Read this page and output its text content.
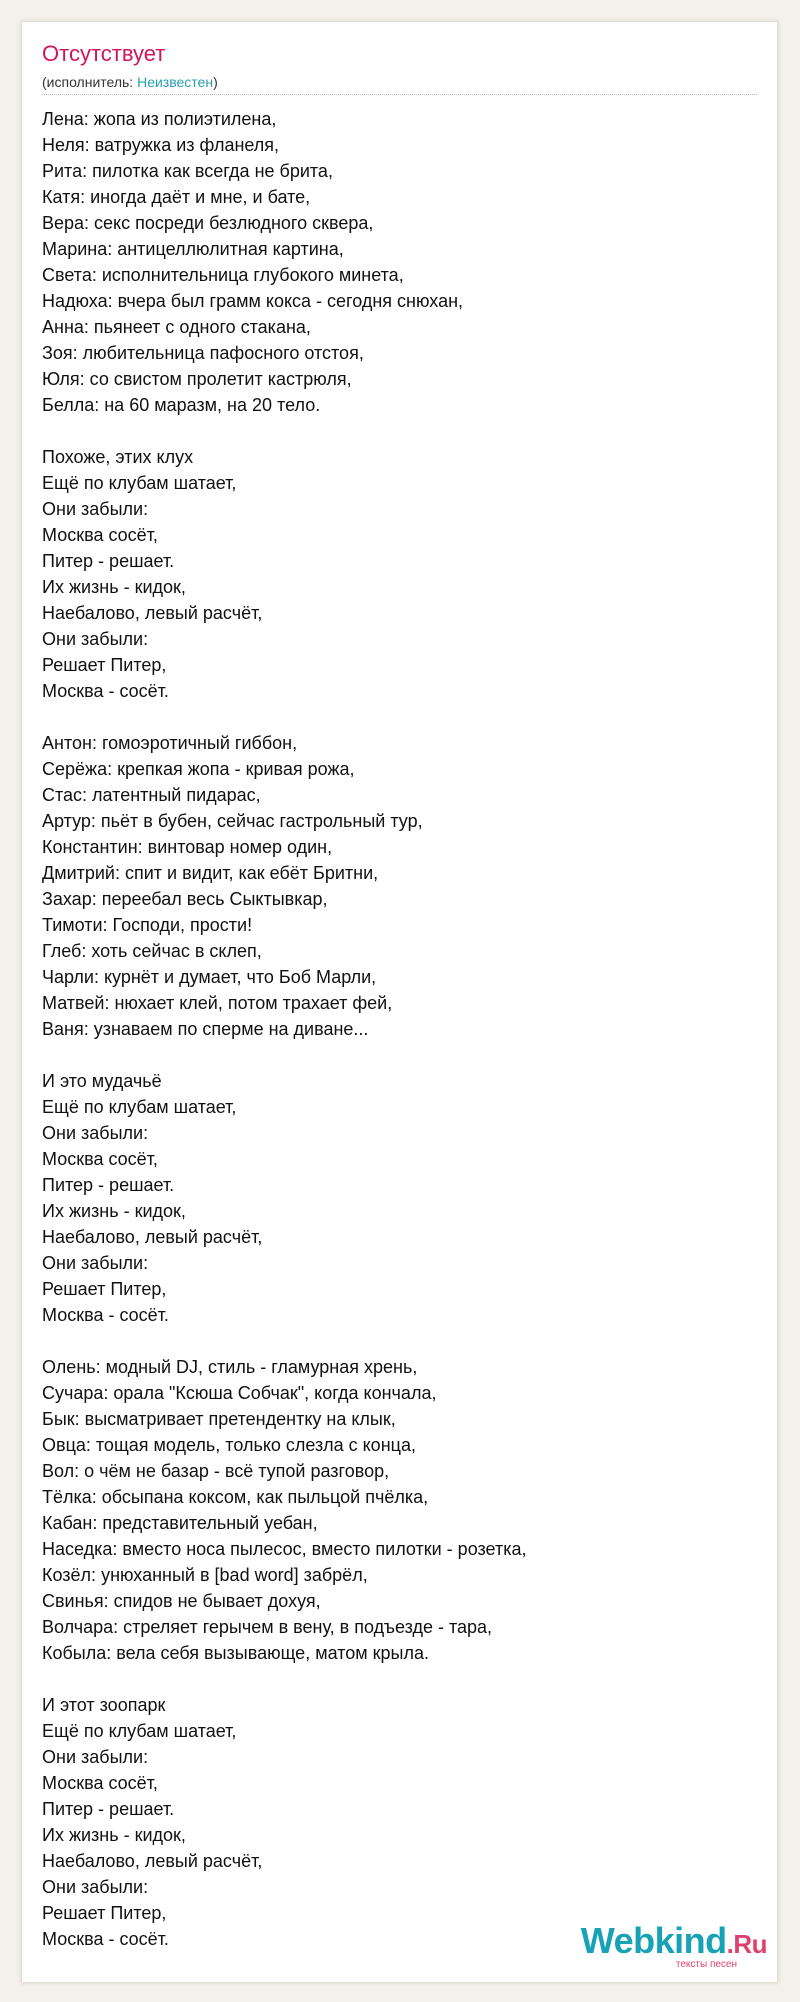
Отсутствует
(исполнитель: Неизвестен)
Лена: жопа из полиэтилена,
Неля: ватружка из фланеля,
Рита: пилотка как всегда не брита,
Катя: иногда даёт и мне, и бате,
Вера: секс посреди безлюдного сквера,
Марина: антицеллюлитная картина,
Света: исполнительница глубокого минета,
Надюха: вчера был грамм кокса - сегодня снюхан,
Анна: пьянеет с одного стакана,
Зоя: любительница пафосного отстоя,
Юля: со свистом пролетит кастрюля,
Белла: на 60 маразм, на 20 тело.
Похоже, этих клух
Ещё по клубам шатает,
Они забыли:
Москва сосёт,
Питер - решает.
Их жизнь - кидок,
Наебалово, левый расчёт,
Они забыли:
Решает Питер,
Москва - сосёт.
Антон: гомоэротичный гиббон,
Серёжа: крепкая жопа - кривая рожа,
Стас: латентный пидарас,
Артур: пьёт в бубен, сейчас гастрольный тур,
Константин: винтовар номер один,
Дмитрий: спит и видит, как ебёт Бритни,
Захар: переебал весь Сыктывкар,
Тимоти: Господи, прости!
Глеб: хоть сейчас в склеп,
Чарли: курнёт и думает, что Боб Марли,
Матвей: нюхает клей, потом трахает фей,
Ваня: узнаваем по сперме на диване...
И это мудачьё
Ещё по клубам шатает,
Они забыли:
Москва сосёт,
Питер - решает.
Их жизнь - кидок,
Наебалово, левый расчёт,
Они забыли:
Решает Питер,
Москва - сосёт.
Олень: модный DJ, стиль - гламурная хрень,
Сучара: орала "Ксюша Собчак", когда кончала,
Бык: высматривает претендентку на клык,
Овца: тощая модель, только слезла с конца,
Вол: о чём не базар - всё тупой разговор,
Тёлка: обсыпана коксом, как пыльцой пчёлка,
Кабан: представительный уебан,
Наседка: вместо носа пылесос, вместо пилотки - розетка,
Козёл: унюханный в [bad word] забрёл,
Свинья: спидов не бывает дохуя,
Волчара: стреляет герычем в вену, в подъезде - тара,
Кобыла: вела себя вызывающе, матом крыла.
И этот зоопарк
Ещё по клубам шатает,
Они забыли:
Москва сосёт,
Питер - решает.
Их жизнь - кидок,
Наебалово, левый расчёт,
Они забыли:
Решает Питер,
Москва - сосёт.	Webkind.Ru
тексты песен
